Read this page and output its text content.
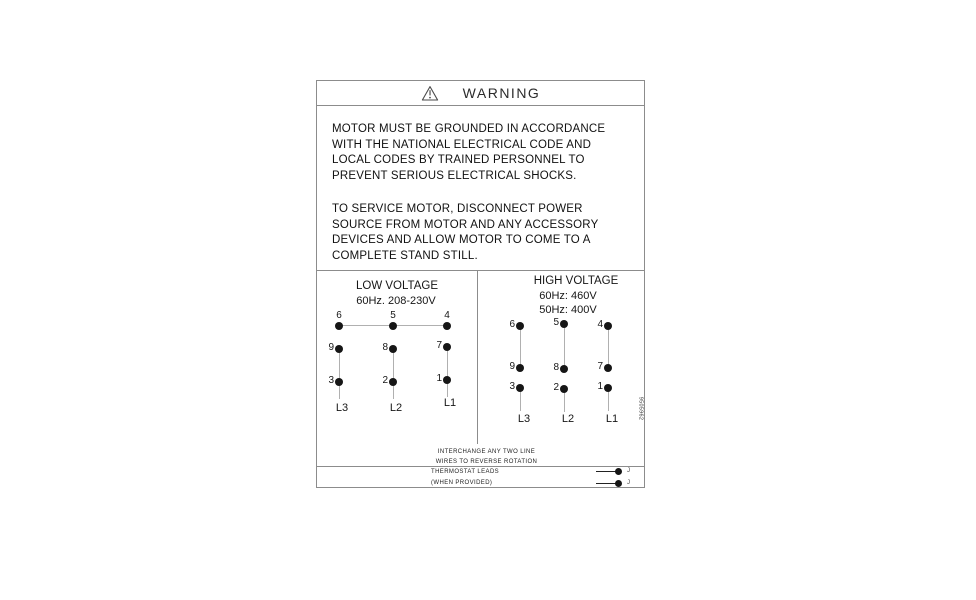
WARNING
MOTOR MUST BE GROUNDED IN ACCORDANCE
WITH THE NATIONAL ELECTRICAL CODE AND
LOCAL CODES BY TRAINED PERSONNEL TO
PREVENT SERIOUS ELECTRICAL SHOCKS.
TO SERVICE MOTOR, DISCONNECT POWER
SOURCE FROM MOTOR AND ANY ACCESSORY
DEVICES AND ALLOW MOTOR TO COME TO A
COMPLETE STAND STILL.
LOW VOLTAGE
60Hz. 208-230V
6	5	4
9	8	7
3	2	1
L3	L2	L1
HIGH VOLTAGE
60Hz: 460V
50Hz: 400V
6	5	4
9	8	7
3	2	1
L3	L2	L1	9505962
INTERCHANGE ANY TWO LINE
WIRES TO REVERSE ROTATION
THERMOSTAT LEADS
(WHEN PROVIDED)
J
J
